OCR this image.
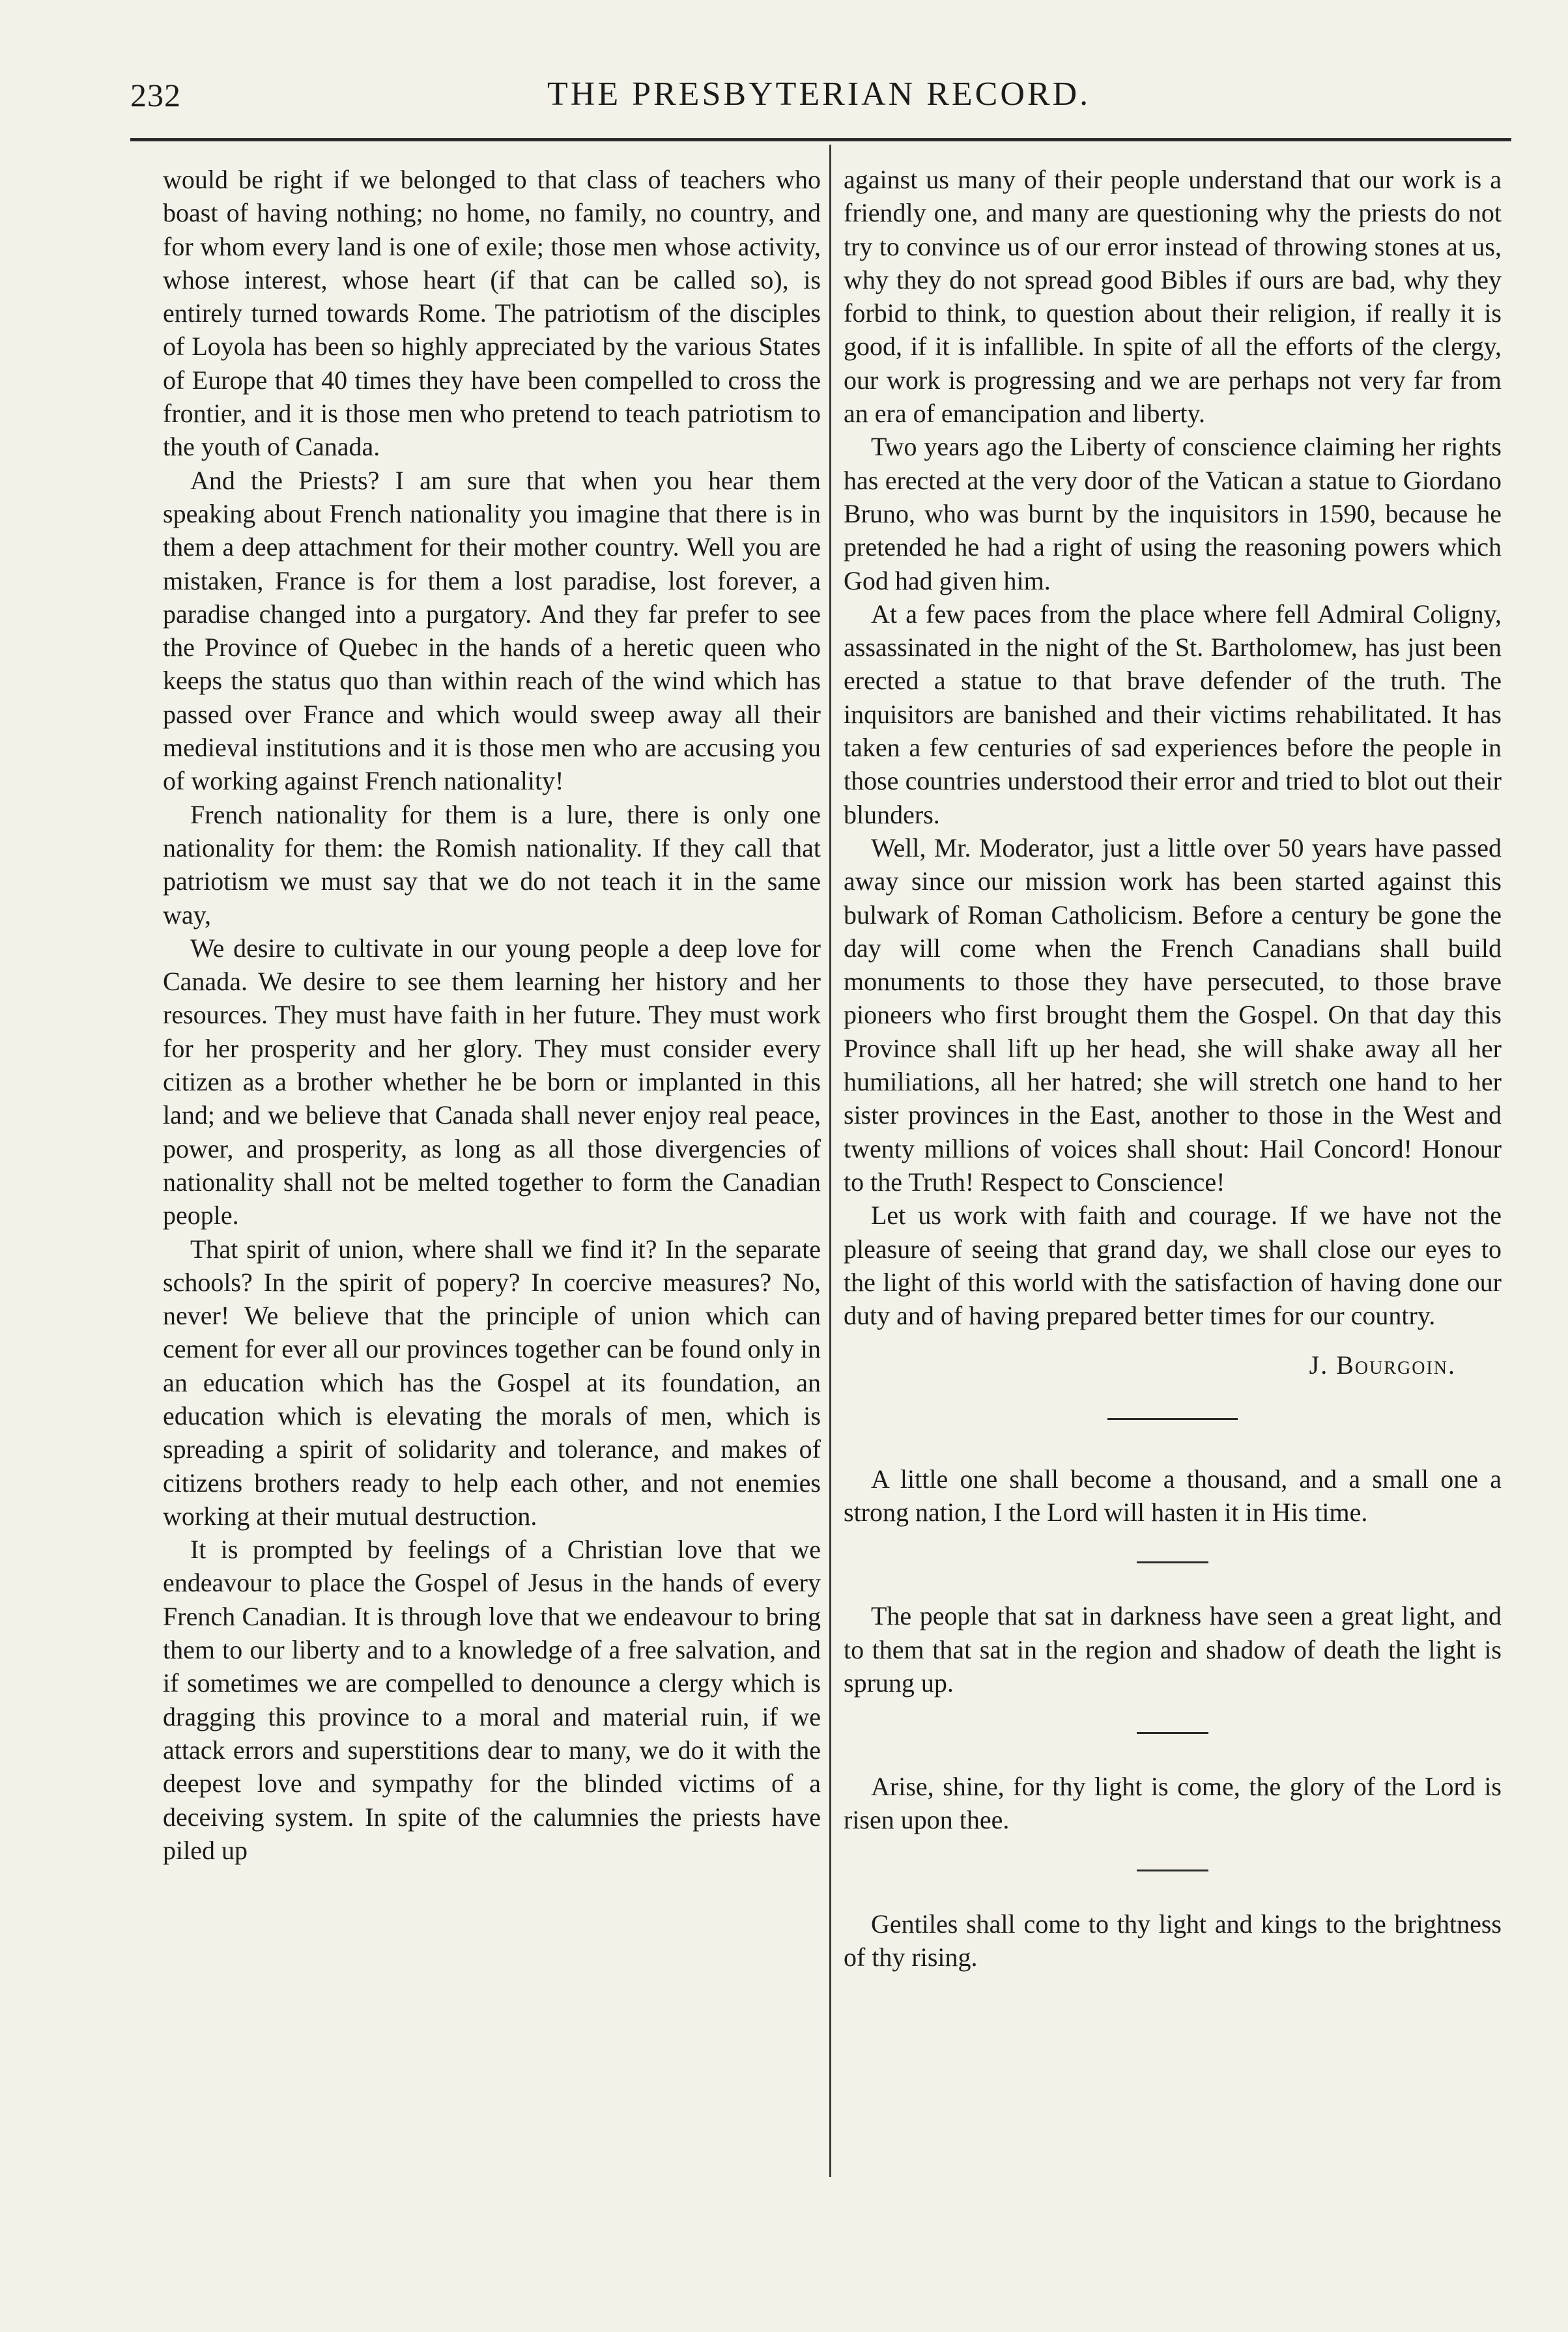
232	THE PRESBYTERIAN RECORD.

would be right if we belonged to that class of teachers who boast of having nothing; no home, no family, no country, and for whom every land is one of exile; those men whose activity, whose interest, whose heart (if that can be called so), is entirely turned towards Rome. The patriotism of the disciples of Loyola has been so highly appreciated by the various States of Europe that 40 times they have been compelled to cross the frontier, and it is those men who pretend to teach patriotism to the youth of Canada.

And the Priests? I am sure that when you hear them speaking about French nationality you imagine that there is in them a deep attachment for their mother country. Well you are mistaken, France is for them a lost paradise, lost forever, a paradise changed into a purgatory. And they far prefer to see the Province of Quebec in the hands of a heretic queen who keeps the status quo than within reach of the wind which has passed over France and which would sweep away all their medieval institutions and it is those men who are accusing you of working against French nationality!

French nationality for them is a lure, there is only one nationality for them: the Romish nationality. If they call that patriotism we must say that we do not teach it in the same way,

We desire to cultivate in our young people a deep love for Canada. We desire to see them learning her history and her resources. They must have faith in her future. They must work for her prosperity and her glory. They must consider every citizen as a brother whether he be born or implanted in this land; and we believe that Canada shall never enjoy real peace, power, and prosperity, as long as all those divergencies of nationality shall not be melted together to form the Canadian people.

That spirit of union, where shall we find it? In the separate schools? In the spirit of popery? In coercive measures? No, never! We believe that the principle of union which can cement for ever all our provinces together can be found only in an education which has the Gospel at its foundation, an education which is elevating the morals of men, which is spreading a spirit of solidarity and tolerance, and makes of citizens brothers ready to help each other, and not enemies working at their mutual destruction.

It is prompted by feelings of a Christian love that we endeavour to place the Gospel of Jesus in the hands of every French Canadian. It is through love that we endeavour to bring them to our liberty and to a knowledge of a free salvation, and if sometimes we are compelled to denounce a clergy which is dragging this province to a moral and material ruin, if we attack errors and superstitions dear to many, we do it with the deepest love and sympathy for the blinded victims of a deceiving system. In spite of the calumnies the priests have piled up

against us many of their people understand that our work is a friendly one, and many are questioning why the priests do not try to convince us of our error instead of throwing stones at us, why they do not spread good Bibles if ours are bad, why they forbid to think, to question about their religion, if really it is good, if it is infallible. In spite of all the efforts of the clergy, our work is progressing and we are perhaps not very far from an era of emancipation and liberty.

Two years ago the Liberty of conscience claiming her rights has erected at the very door of the Vatican a statue to Giordano Bruno, who was burnt by the inquisitors in 1590, because he pretended he had a right of using the reasoning powers which God had given him.

At a few paces from the place where fell Admiral Coligny, assassinated in the night of the St. Bartholomew, has just been erected a statue to that brave defender of the truth. The inquisitors are banished and their victims rehabilitated. It has taken a few centuries of sad experiences before the people in those countries understood their error and tried to blot out their blunders.

Well, Mr. Moderator, just a little over 50 years have passed away since our mission work has been started against this bulwark of Roman Catholicism. Before a century be gone the day will come when the French Canadians shall build monuments to those they have persecuted, to those brave pioneers who first brought them the Gospel. On that day this Province shall lift up her head, she will shake away all her humiliations, all her hatred; she will stretch one hand to her sister provinces in the East, another to those in the West and twenty millions of voices shall shout: Hail Concord! Honour to the Truth! Respect to Conscience!

Let us work with faith and courage. If we have not the pleasure of seeing that grand day, we shall close our eyes to the light of this world with the satisfaction of having done our duty and of having prepared better times for our country.

J. Bourgoin.

A little one shall become a thousand, and a small one a strong nation, I the Lord will hasten it in His time.

The people that sat in darkness have seen a great light, and to them that sat in the region and shadow of death the light is sprung up.

Arise, shine, for thy light is come, the glory of the Lord is risen upon thee.

Gentiles shall come to thy light and kings to the brightness of thy rising.
